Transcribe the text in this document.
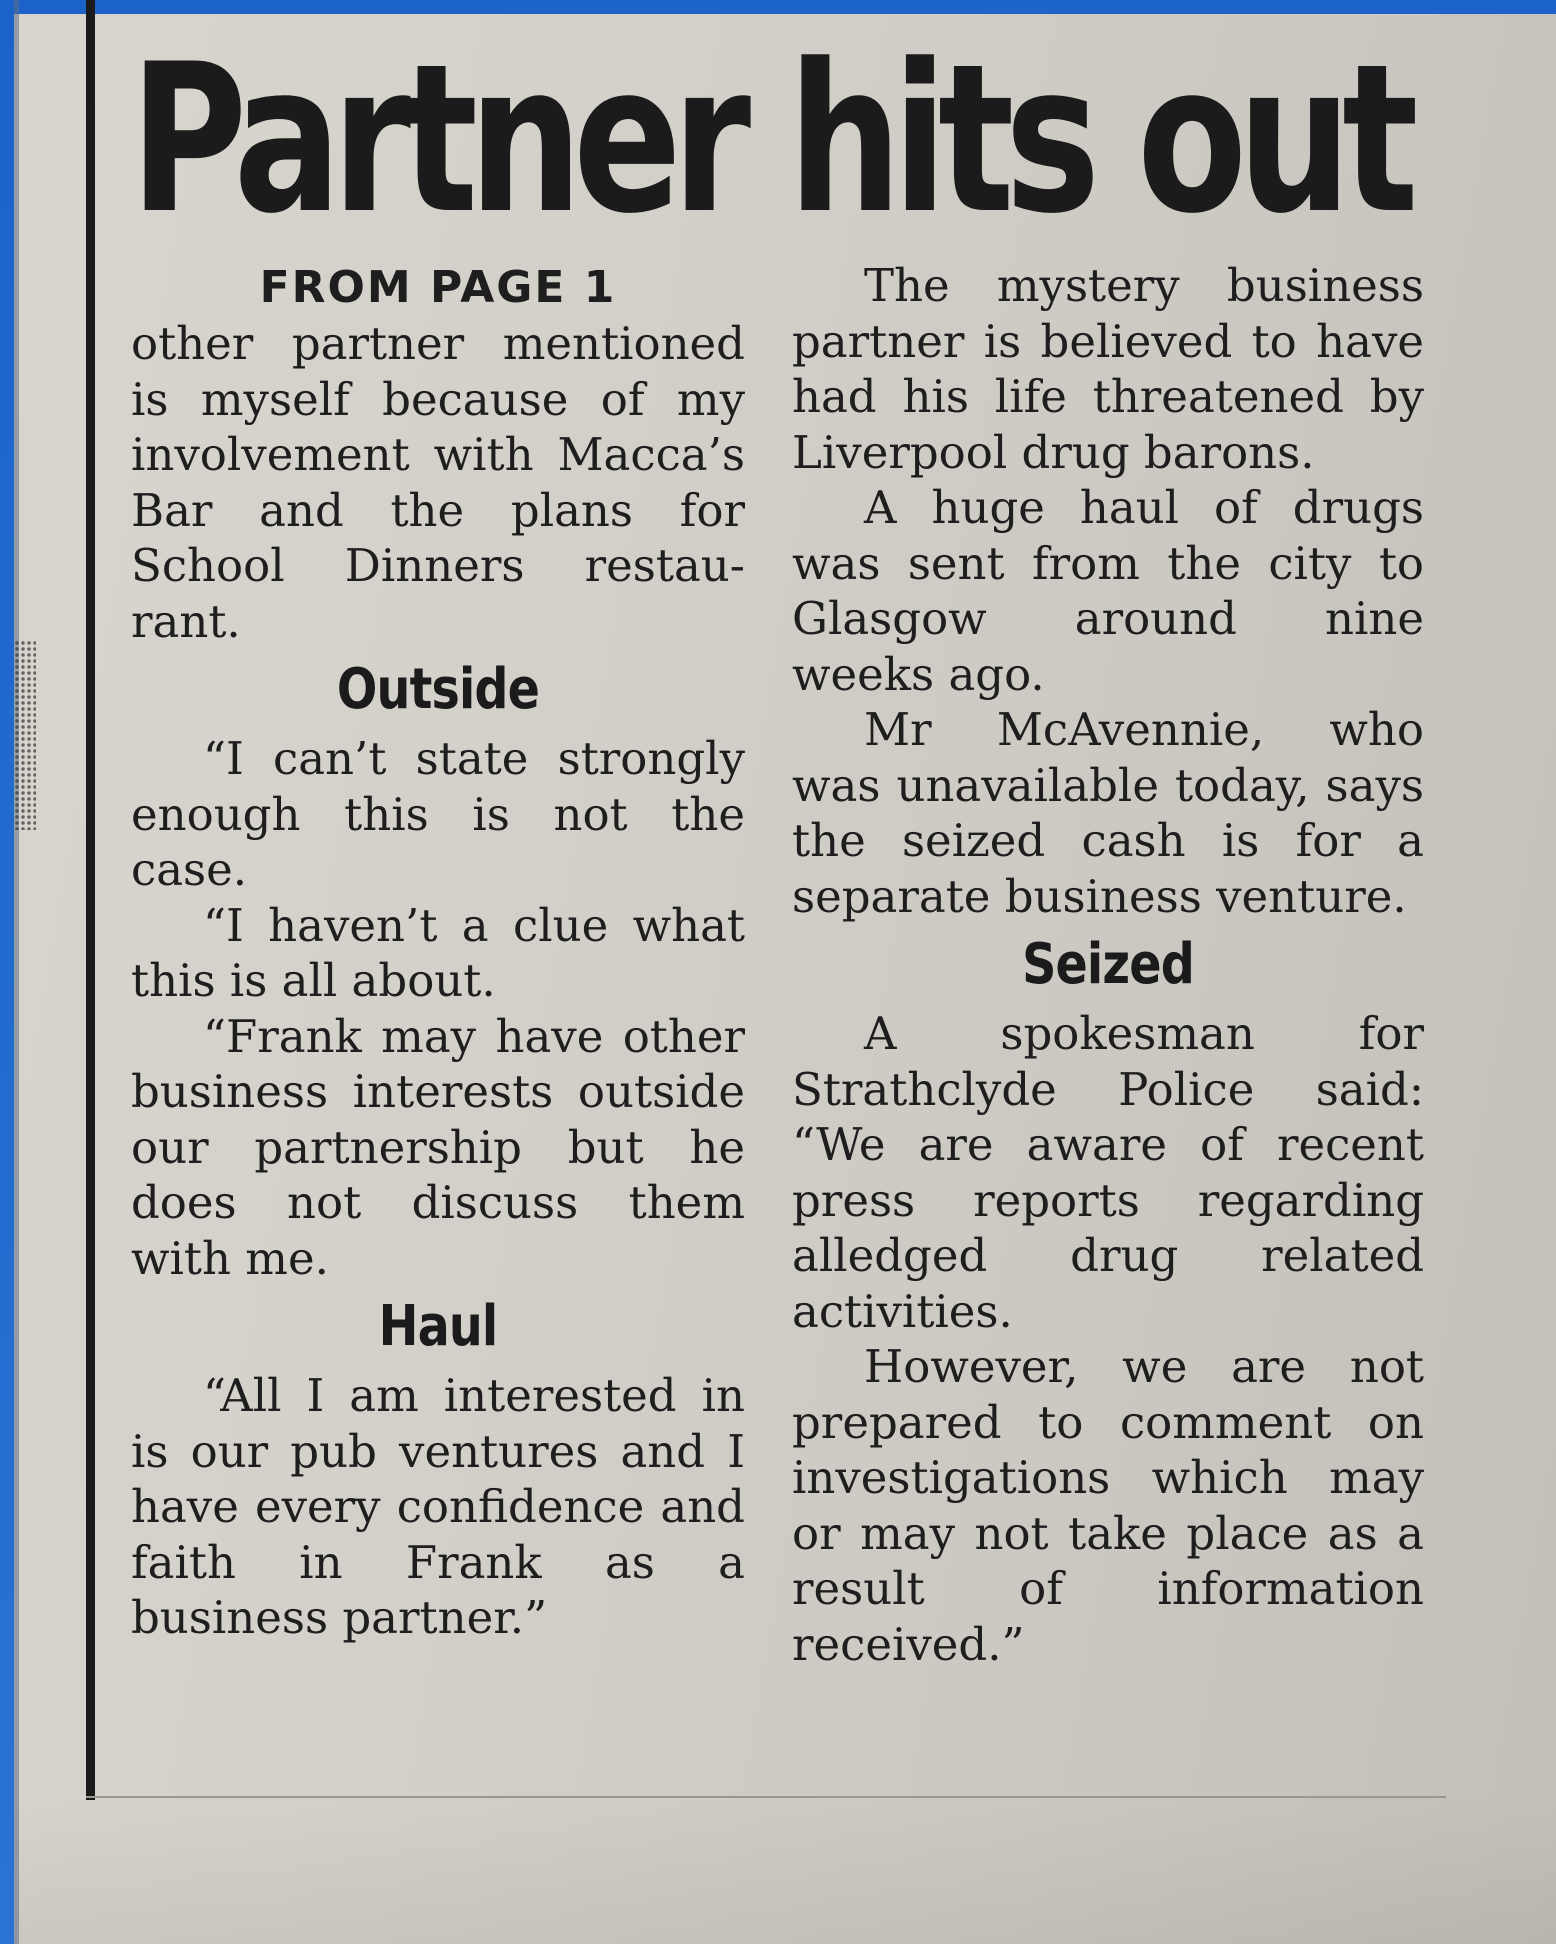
Partner hits out
FROM PAGE 1

other partner mentioned is myself because of my involvement with Macca’s Bar and the plans for School Dinners restaurant.

Outside

“I can’t state strongly enough this is not the case.

“I haven’t a clue what this is all about.

“Frank may have other business interests outside our partnership but he does not discuss them with me.

Haul

“All I am interested in is our pub ventures and I have every confidence and faith in Frank as a business partner.”

The mystery business partner is believed to have had his life threatened by Liverpool drug barons.

A huge haul of drugs was sent from the city to Glasgow around nine weeks ago.

Mr McAvennie, who was unavailable today, says the seized cash is for a separate business venture.

Seized

A spokesman for Strathclyde Police said: “We are aware of recent press reports regarding alledged drug related activities.

However, we are not prepared to comment on investigations which may or may not take place as a result of information received.”
